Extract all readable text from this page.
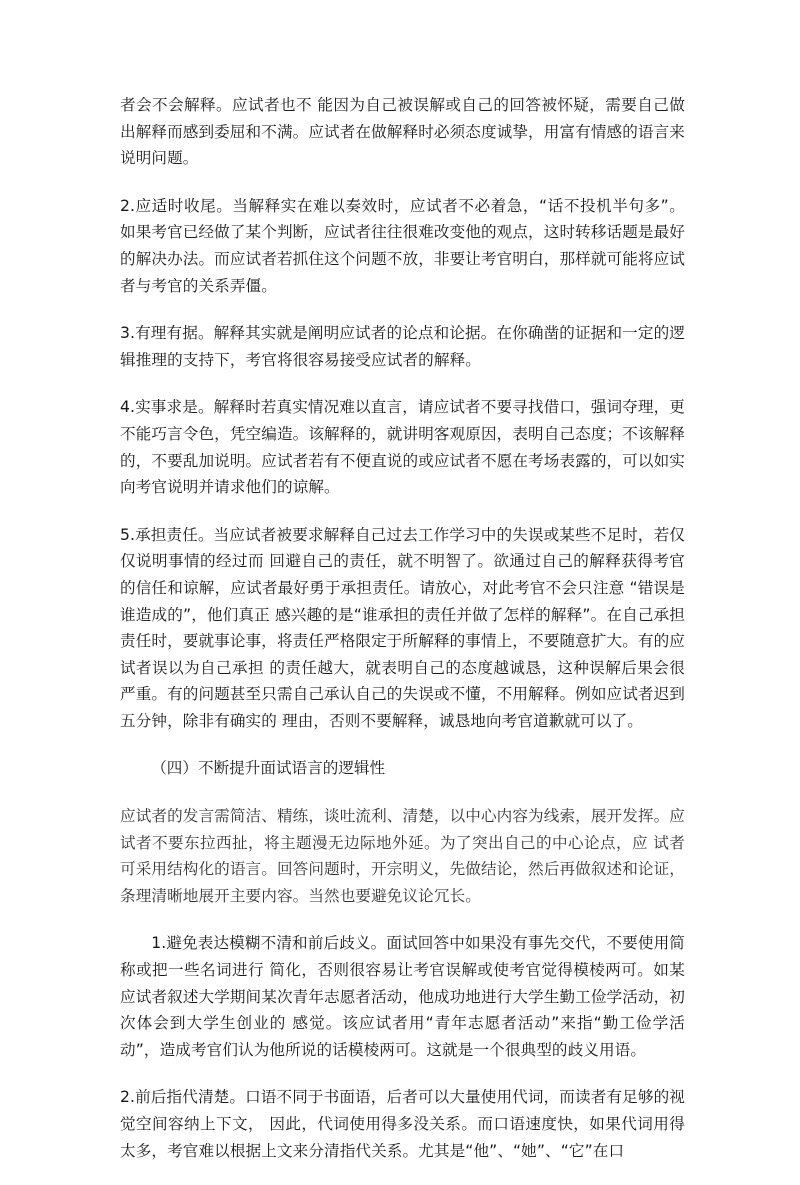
者会不会解释。应试者也不 能因为自己被误解或自己的回答被怀疑，需要自己做出解释而感到委屈和不满。应试者在做解释时必须态度诚挚，用富有情感的语言来说明问题。

2.应适时收尾。当解释实在难以奏效时，应试者不必着急，“话不投机半句多”。如果考官已经做了某个判断，应试者往往很难改变他的观点，这时转移话题是最好的解决办法。而应试者若抓住这个问题不放，非要让考官明白，那样就可能将应试者与考官的关系弄僵。

3.有理有据。解释其实就是阐明应试者的论点和论据。在你确凿的证据和一定的逻辑推理的支持下，考官将很容易接受应试者的解释。

4.实事求是。解释时若真实情况难以直言，请应试者不要寻找借口，强词夺理，更不能巧言令色，凭空编造。该解释的，就讲明客观原因，表明自己态度；不该解释的，不要乱加说明。应试者若有不便直说的或应试者不愿在考场表露的，可以如实向考官说明并请求他们的谅解。

5.承担责任。当应试者被要求解释自己过去工作学习中的失误或某些不足时，若仅仅说明事情的经过而 回避自己的责任，就不明智了。欲通过自己的解释获得考官的信任和谅解，应试者最好勇于承担责任。请放心，对此考官不会只注意 “错误是谁造成的”，他们真正 感兴趣的是“谁承担的责任并做了怎样的解释”。在自己承担责任时，要就事论事，将责任严格限定于所解释的事情上，不要随意扩大。有的应试者误以为自己承担 的责任越大，就表明自己的态度越诚恳，这种误解后果会很严重。有的问题甚至只需自己承认自己的失误或不懂，不用解释。例如应试者迟到五分钟，除非有确实的 理由，否则不要解释，诚恳地向考官道歉就可以了。

（四）不断提升面试语言的逻辑性

应试者的发言需简洁、精练，谈吐流利、清楚，以中心内容为线索，展开发挥。应试者不要东拉西扯，将主题漫无边际地外延。为了突出自己的中心论点，应 试者可采用结构化的语言。回答问题时，开宗明义，先做结论，然后再做叙述和论证，条理清晰地展开主要内容。当然也要避免议论冗长。

1.避免表达模糊不清和前后歧义。面试回答中如果没有事先交代，不要使用简称或把一些名词进行 简化，否则很容易让考官误解或使考官觉得模棱两可。如某应试者叙述大学期间某次青年志愿者活动，他成功地进行大学生勤工俭学活动，初次体会到大学生创业的 感觉。该应试者用“青年志愿者活动”来指“勤工俭学活动”，造成考官们认为他所说的话模棱两可。这就是一个很典型的歧义用语。

2.前后指代清楚。口语不同于书面语，后者可以大量使用代词，而读者有足够的视觉空间容纳上下文， 因此，代词使用得多没关系。而口语速度快，如果代词用得太多，考官难以根据上文来分清指代关系。尤其是“他”、“她”、“它”在口
